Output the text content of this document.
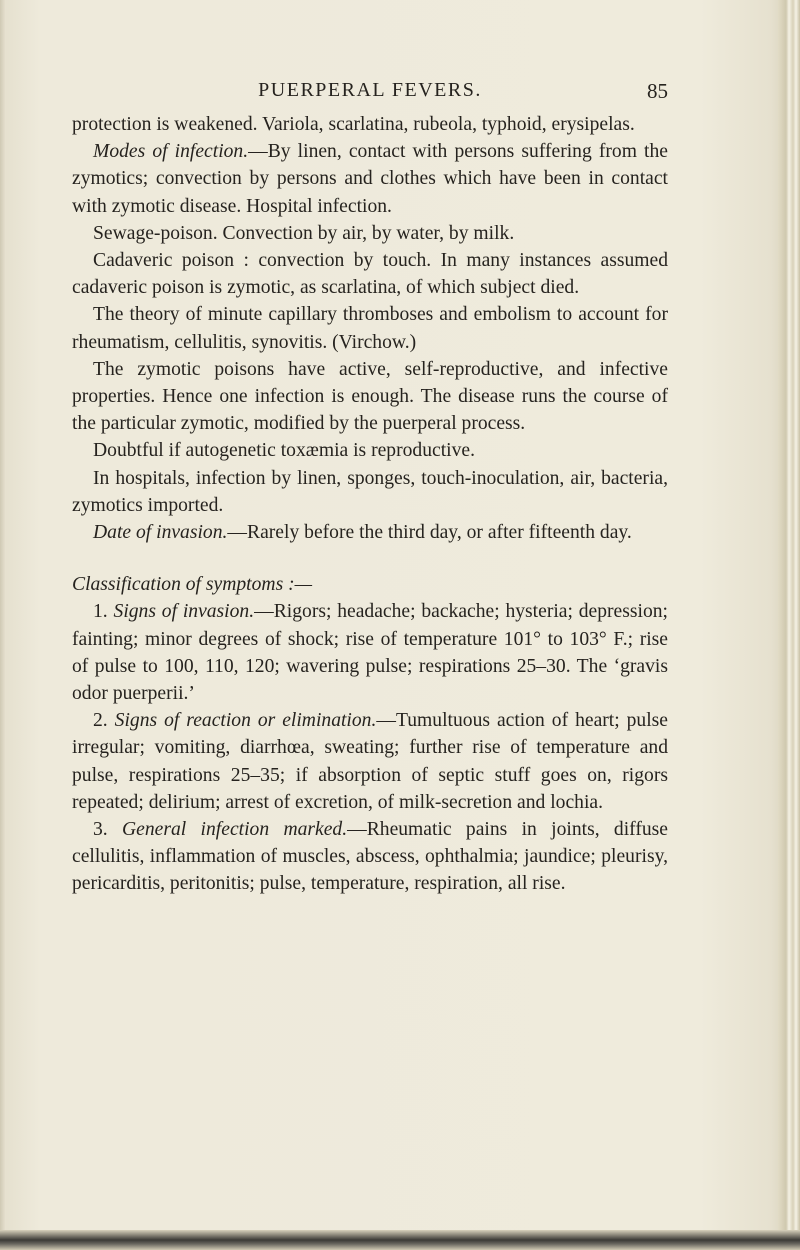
PUERPERAL FEVERS.	85

protection is weakened. Variola, scarlatina, rubeola, typhoid, erysipelas.

Modes of infection.—By linen, contact with persons suffering from the zymotics; convection by persons and clothes which have been in contact with zymotic disease. Hospital infection.

Sewage-poison. Convection by air, by water, by milk.

Cadaveric poison : convection by touch. In many instances assumed cadaveric poison is zymotic, as scarlatina, of which subject died.

The theory of minute capillary thromboses and embolism to account for rheumatism, cellulitis, synovitis. (Virchow.)

The zymotic poisons have active, self-reproductive, and infective properties. Hence one infection is enough. The disease runs the course of the particular zymotic, modified by the puerperal process.

Doubtful if autogenetic toxæmia is reproductive.

In hospitals, infection by linen, sponges, touch-inoculation, air, bacteria, zymotics imported.

Date of invasion.—Rarely before the third day, or after fifteenth day.

Classification of symptoms :—

1. Signs of invasion.—Rigors; headache; backache; hysteria; depression; fainting; minor degrees of shock; rise of temperature 101° to 103° F.; rise of pulse to 100, 110, 120; wavering pulse; respirations 25–30. The ‘gravis odor puerperii.’

2. Signs of reaction or elimination.—Tumultuous action of heart; pulse irregular; vomiting, diarrhœa, sweating; further rise of temperature and pulse, respirations 25–35; if absorption of septic stuff goes on, rigors repeated; delirium; arrest of excretion, of milk-secretion and lochia.

3. General infection marked.—Rheumatic pains in joints, diffuse cellulitis, inflammation of muscles, abscess, ophthalmia; jaundice; pleurisy, pericarditis, peritonitis; pulse, temperature, respiration, all rise.
